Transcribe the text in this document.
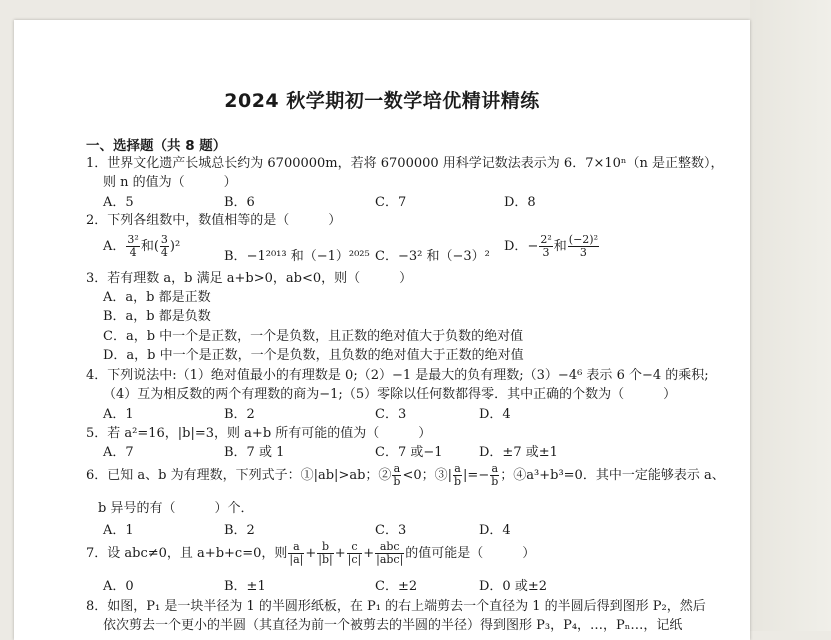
2024 秋学期初一数学培优精讲精练
一、选择题（共 8 题）
1．世界文化遗产长城总长约为 6700000m，若将 6700000 用科学记数法表示为 6．7×10ⁿ（n 是正整数），
则 n 的值为（　　　）
A．5	B．6	C．7	D．8
2．下列各组数中，数值相等的是（　　　）
A． $\frac{\text{3²}}{4}$ 和( $\frac{3}{4} )^2$
B．−1²⁰¹³ 和（−1）²⁰²⁵ C．−3² 和（−3）²
D．− $\frac{\text{2²}}{3}$ 和 $\frac{\text{(−2)²}}{3}$
3．若有理数 a，b 满足 a+b>0，ab<0，则（　　　）
A．a，b 都是正数
B．a，b 都是负数
C．a，b 中一个是正数，一个是负数，且正数的绝对值大于负数的绝对值
D．a，b 中一个是正数，一个是负数，且负数的绝对值大于正数的绝对值
4．下列说法中:（1）绝对值最小的有理数是 0;（2）−1 是最大的负有理数;（3）−4⁶ 表示 6 个−4 的乘积;
（4）互为相反数的两个有理数的商为−1;（5）零除以任何数都得零．其中正确的个数为（　　　）
A．1	B．2	C．3	D．4
5．若 a²=16，|b|=3，则 a+b 所有可能的值为（　　　）
A．7	B．7 或 1	C．7 或−1	D．±7 或±1
6．已知 a、b 为有理数，下列式子：①|ab|>ab；② $\frac{a}{b} <0$；③| $\frac{a}{b}$ |=− $\frac{a}{b}$ ；④a³+b³=0．其中一定能够表示 a、
b 异号的有（　　　）个．
A．1	B．2	C．3	D．4
7．设 abc≠0，且 a+b+c=0，则 $\frac{a}{|a|} + \frac{b}{|b|} + \frac{c}{|c|} + \frac{\text{abc}}{\text{|abc|}}$ 的值可能是（　　　）
A．0	B．±1	C．±2	D．0 或±2
8．如图，P₁ 是一块半径为 1 的半圆形纸板，在 P₁ 的右上端剪去一个直径为 1 的半圆后得到图形 P₂，然后
依次剪去一个更小的半圆（其直径为前一个被剪去的半圆的半径）得到图形 P₃，P₄，…，Pₙ…，记纸
